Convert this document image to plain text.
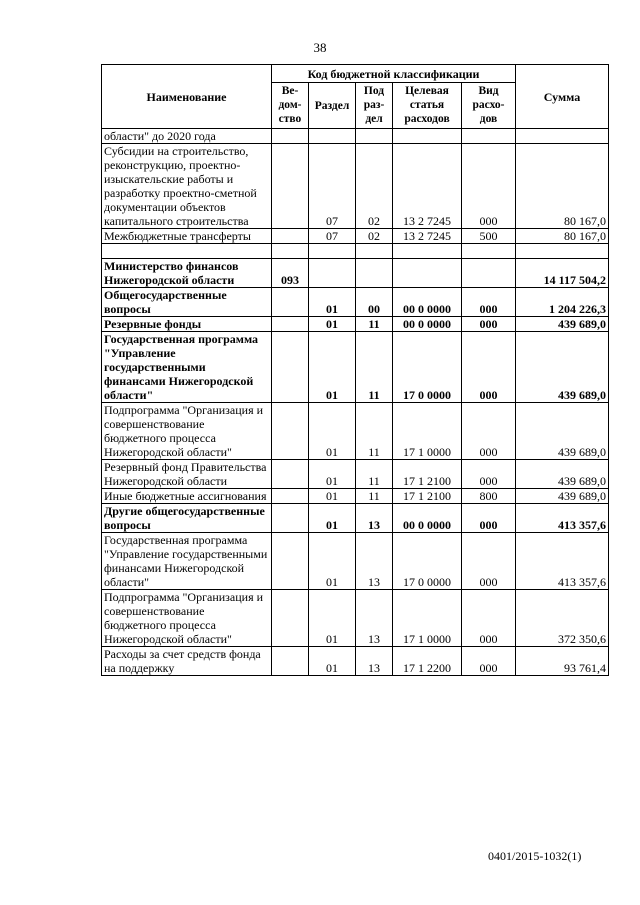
38
Наименование	Код бюджетной классификации					Сумма
	Ве-дом-ство	Раздел	Под раз-дел	Целевая статья расходов	Вид расхо-дов	
области" до 2020 года						
Субсидии на строительство, реконструкцию, проектно-изыскательские работы и разработку проектно-сметной документации объектов капитального строительства		07	02	13 2 7245	000	80 167,0
Межбюджетные трансферты		07	02	13 2 7245	500	80 167,0

Министерство финансов Нижегородской области	093					14 117 504,2
Общегосударственные вопросы		01	00	00 0 0000	000	1 204 226,3
Резервные фонды		01	11	00 0 0000	000	439 689,0
Государственная программа "Управление государственными финансами Нижегородской области"		01	11	17 0 0000	000	439 689,0
Подпрограмма "Организация и совершенствование бюджетного процесса Нижегородской области"		01	11	17 1 0000	000	439 689,0
Резервный фонд Правительства Нижегородской области		01	11	17 1 2100	000	439 689,0
Иные бюджетные ассигнования		01	11	17 1 2100	800	439 689,0
Другие общегосударственные вопросы		01	13	00 0 0000	000	413 357,6
Государственная программа "Управление государственными финансами Нижегородской области"		01	13	17 0 0000	000	413 357,6
Подпрограмма "Организация и совершенствование бюджетного процесса Нижегородской области"		01	13	17 1 0000	000	372 350,6
Расходы за счет средств фонда на поддержку		01	13	17 1 2200	000	93 761,4
0401/2015-1032(1)
